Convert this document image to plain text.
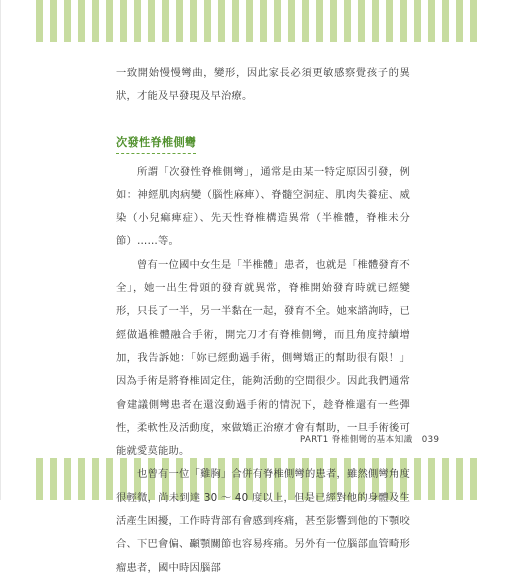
一致開始慢慢彎曲，變形，因此家長必須更敏感察覺孩子的異狀，才能及早發現及早治療。

次發性脊椎側彎

所謂「次發性脊椎側彎」，通常是由某一特定原因引發，例如：神經肌肉病變（腦性麻痺）、脊髓空洞症、肌肉失養症、威染（小兒痲痺症）、先天性脊椎構造異常（半椎體，脊椎未分節）……等。

曾有一位國中女生是「半椎體」患者，也就是「椎體發育不全」，她一出生骨頭的發育就異常，脊椎開始發育時就已經變形，只長了一半，另一半黏在一起，發育不全。她來諮詢時，已經做過椎體融合手術，開完刀才有脊椎側彎，而且角度持續增加，我告訴她：「妳已經動過手術，側彎矯正的幫助很有限！」因為手術是將脊椎固定住，能夠活動的空間很少。因此我們通常會建議側彎患者在還沒動過手術的情況下，趁脊椎還有一些彈性，柔軟性及活動度，來做矯正治療才會有幫助，一旦手術後可能就愛莫能助。

也曾有一位「雞胸」合併有脊椎側彎的患者，雖然側彎角度很輕微，尚未到達 30 ～ 40 度以上，但是已經對他的身體及生活產生困擾，工作時背部有會感到疼痛，甚至影響到他的下顎咬合、下巴會偏、顳顎關節也容易疼痛。另外有一位腦部血管畸形瘤患者，國中時因腦部

PART1 脊椎側彎的基本知識 039
